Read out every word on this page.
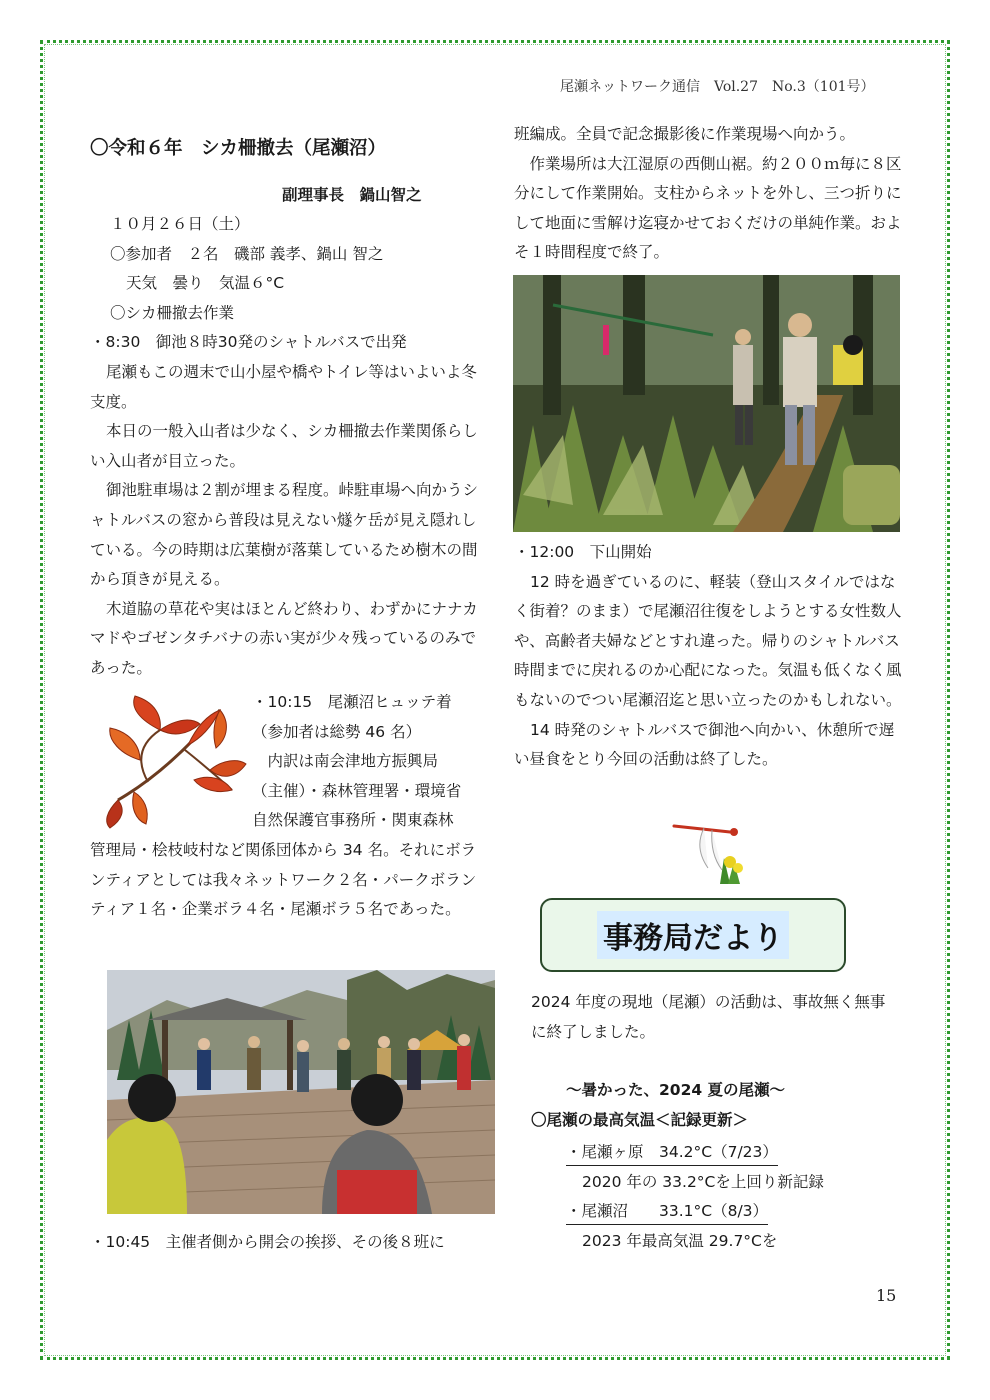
尾瀬ネットワーク通信　Vol.27　No.3（101号）
〇令和６年　シカ柵撤去（尾瀬沼）
副理事長　鍋山智之

１０月２６日（土）

〇参加者　２名　磯部 義孝、鍋山 智之

天気　曇り　気温６°C

〇シカ柵撤去作業

・8:30　御池８時30発のシャトルバスで出発

尾瀬もこの週末で山小屋や橋やトイレ等はいよいよ冬支度。

本日の一般入山者は少なく、シカ柵撤去作業関係らしい入山者が目立った。

御池駐車場は２割が埋まる程度。峠駐車場へ向かうシャトルバスの窓から普段は見えない燧ケ岳が見え隠れしている。今の時期は広葉樹が落葉しているため樹木の間から頂きが見える。

木道脇の草花や実はほとんど終わり、わずかにナナカマドやゴゼンタチバナの赤い実が少々残っているのみであった。

・10:15　尾瀬沼ヒュッテ着

（参加者は総勢 46 名）

　内訳は南会津地方振興局

（主催）・森林管理署・環境省

自然保護官事務所・関東森林

管理局・桧枝岐村など関係団体から 34 名。それにボランティアとしては我々ネットワーク２名・パークボランティア１名・企業ボラ４名・尾瀬ボラ５名であった。

・10:45　主催者側から開会の挨拶、その後８班に

班編成。全員で記念撮影後に作業現場へ向かう。

　作業場所は大江湿原の西側山裾。約２００ｍ毎に８区分にして作業開始。支柱からネットを外し、三つ折りにして地面に雪解け迄寝かせておくだけの単純作業。およそ１時間程度で終了。

・12:00　下山開始

12 時を過ぎているのに、軽装（登山スタイルではなく街着？のまま）で尾瀬沼往復をしようとする女性数人や、高齢者夫婦などとすれ違った。帰りのシャトルバス時間までに戻れるのか心配になった。気温も低くなく風もないのでつい尾瀬沼迄と思い立ったのかもしれない。

14 時発のシャトルバスで御池へ向かい、休憩所で遅い昼食をとり今回の活動は終了した。

事務局だより

2024 年度の現地（尾瀬）の活動は、事故無く無事に終了しました。

～暑かった、2024 夏の尾瀬～
〇尾瀬の最高気温＜記録更新＞

・尾瀬ヶ原　34.2°C（7/23）

2020 年の 33.2°Cを上回り新記録

・尾瀬沼　　33.1°C（8/3）

2023 年最高気温 29.7°Cを

15
